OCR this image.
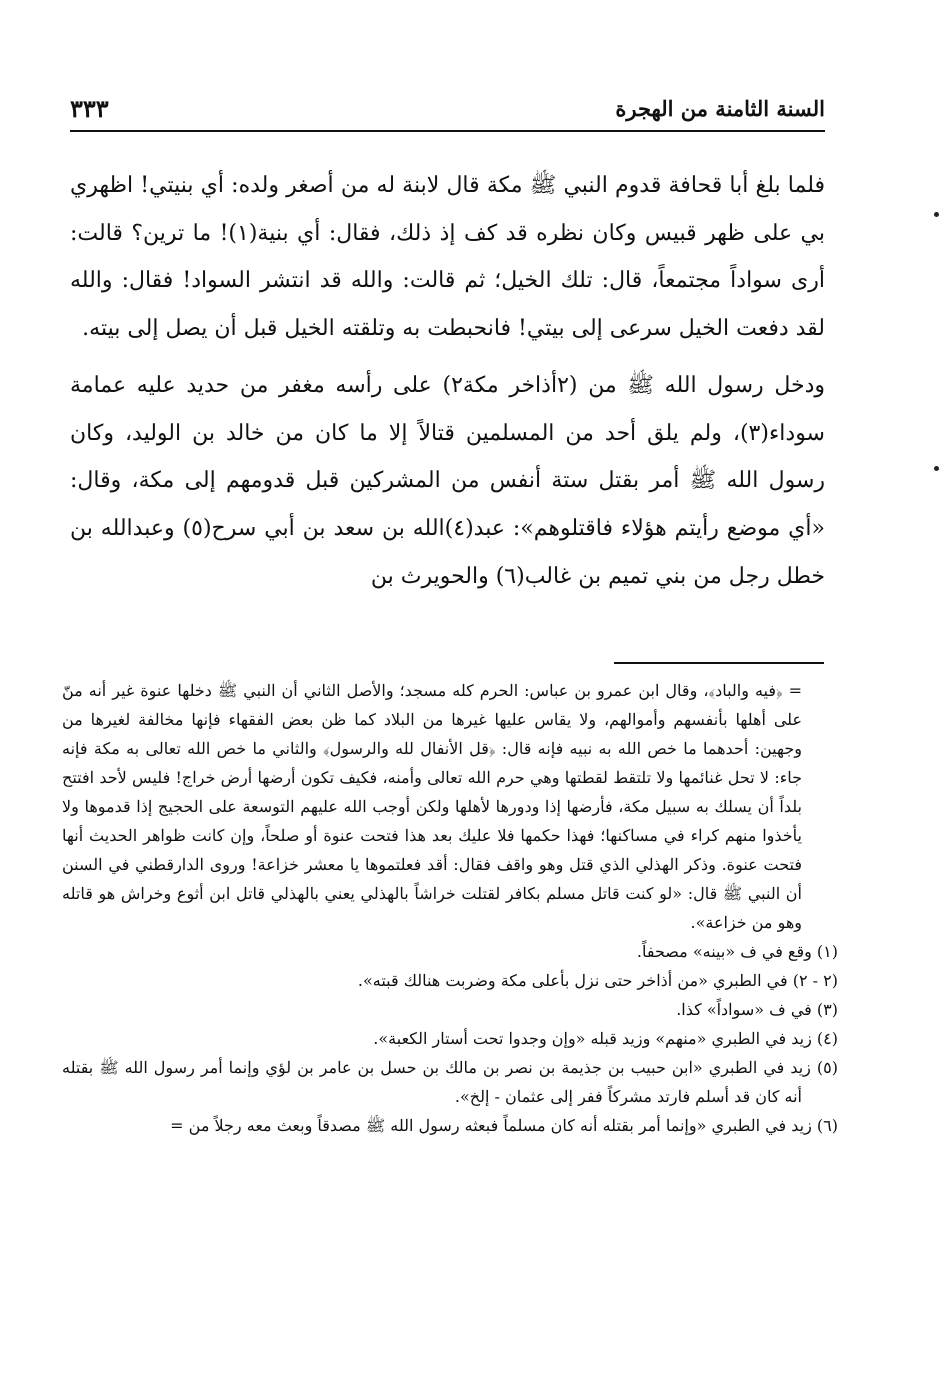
السنة الثامنة من الهجرة
٣٣٣

فلما بلغ أبا قحافة قدوم النبي ﷺ مكة قال لابنة له من أصغر ولده: أي بنيتي! اظهري بي على ظهر قبيس وكان نظره قد كف إذ ذلك، فقال: أي بنية(١)! ما ترين؟ قالت: أرى سواداً مجتمعاً، قال: تلك الخيل؛ ثم قالت: والله قد انتشر السواد! فقال: والله لقد دفعت الخيل سرعى إلى بيتي! فانحبطت به وتلقته الخيل قبل أن يصل إلى بيته.

ودخل رسول الله ﷺ من (٢أذاخر مكة٢) على رأسه مغفر من حديد عليه عمامة سوداء(٣)، ولم يلق أحد من المسلمين قتالاً إلا ما كان من خالد بن الوليد، وكان رسول الله ﷺ أمر بقتل ستة أنفس من المشركين قبل قدومهم إلى مكة، وقال: «أي موضع رأيتم هؤلاء فاقتلوهم»: عبد(٤)الله بن سعد بن أبي سرح(٥) وعبدالله بن خطل رجل من بني تميم بن غالب(٦) والحويرث بن

= ﴿فيه والباد﴾، وقال ابن عمرو بن عباس: الحرم كله مسجد؛ والأصل الثاني أن النبي ﷺ دخلها عنوة غير أنه منّ على أهلها بأنفسهم وأموالهم، ولا يقاس عليها غيرها من البلاد كما ظن بعض الفقهاء فإنها مخالفة لغيرها من وجهين: أحدهما ما خص الله به نبيه فإنه قال: ﴿قل الأنفال لله والرسول﴾ والثاني ما خص الله تعالى به مكة فإنه جاء: لا تحل غنائمها ولا تلتقط لقطتها وهي حرم الله تعالى وأمنه، فكيف تكون أرضها أرض خراج! فليس لأحد افتتح بلداً أن يسلك به سبيل مكة، فأرضها إذا ودورها لأهلها ولكن أوجب الله عليهم التوسعة على الحجيج إذا قدموها ولا يأخذوا منهم كراء في مساكنها؛ فهذا حكمها فلا عليك بعد هذا فتحت عنوة أو صلحاً، وإن كانت ظواهر الحديث أنها فتحت عنوة. وذكر الهذلي الذي قتل وهو واقف فقال: أقد فعلتموها يا معشر خزاعة! وروى الدارقطني في السنن أن النبي ﷺ قال: «لو كنت قاتل مسلم بكافر لقتلت خراشاً بالهذلي يعني بالهذلي قاتل ابن أثوع وخراش هو قاتله وهو من خزاعة».

(١) وقع في ف «بينه» مصحفاً.

(٢ - ٢) في الطبري «من أذاخر حتى نزل بأعلى مكة وضربت هنالك قبته».

(٣) في ف «سواداً» كذا.

(٤) زيد في الطبري «منهم» وزيد قبله «وإن وجدوا تحت أستار الكعبة».

(٥) زيد في الطبري «ابن حبيب بن جذيمة بن نصر بن مالك بن حسل بن عامر بن لؤي وإنما أمر رسول الله ﷺ بقتله أنه كان قد أسلم فارتد مشركاً ففر إلى عثمان - إلخ».

(٦) زيد في الطبري «وإنما أمر بقتله أنه كان مسلماً فبعثه رسول الله ﷺ مصدقاً وبعث معه رجلاً من =
